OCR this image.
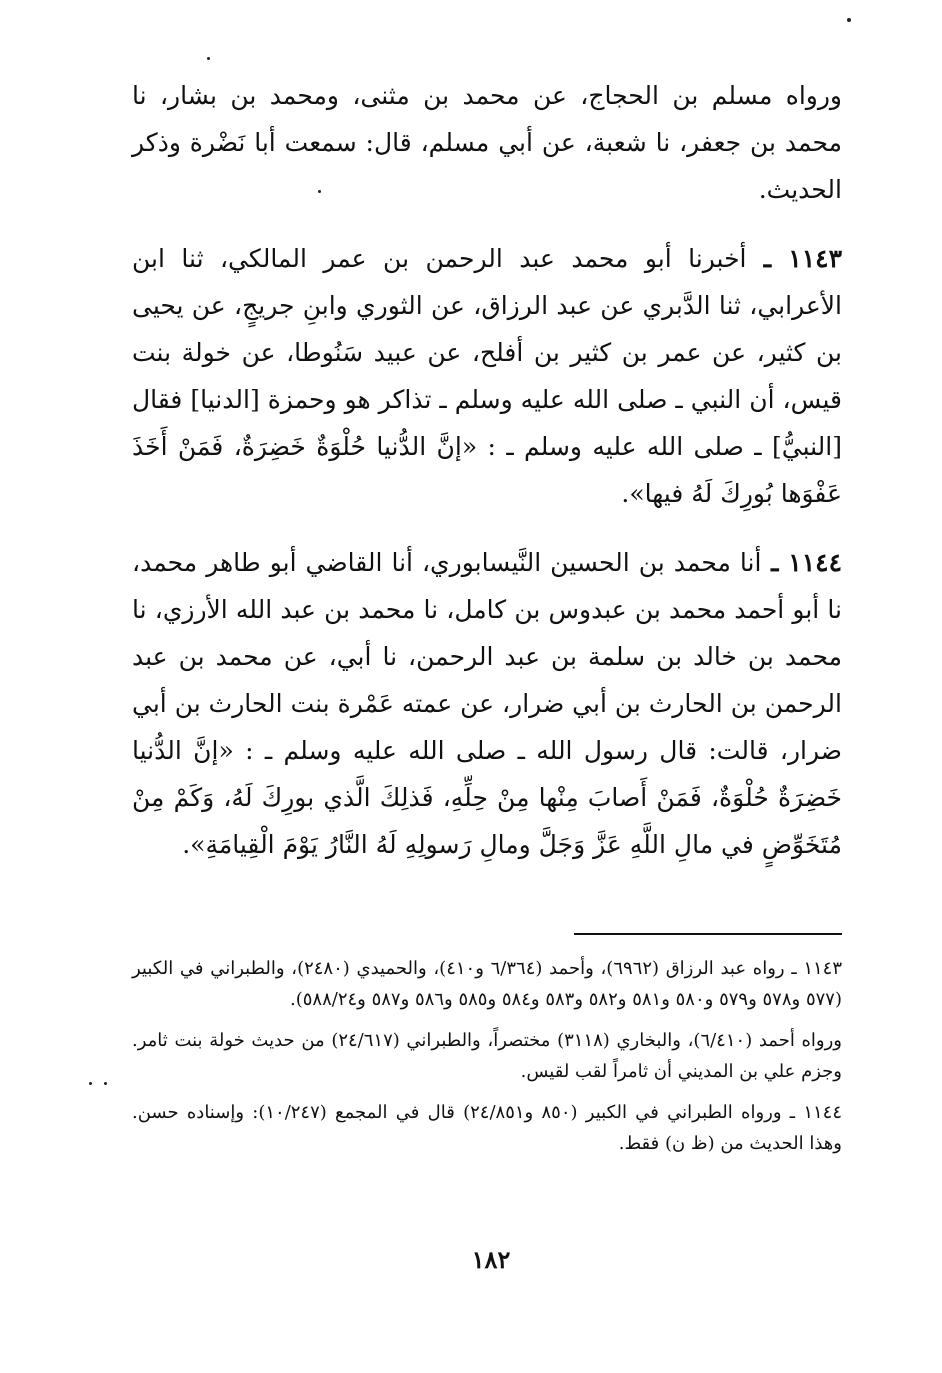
ورواه مسلم بن الحجاج، عن محمد بن مثنى، ومحمد بن بشار، نا محمد بن جعفر، نا شعبة، عن أبي مسلم، قال: سمعت أبا نَضْرة وذكر الحديث.

١١٤٣ ـ أخبرنا أبو محمد عبد الرحمن بن عمر المالكي، ثنا ابن الأعرابي، ثنا الدَّبري عن عبد الرزاق، عن الثوري وابنِ جريجٍ، عن يحيى بن كثير، عن عمر بن كثير بن أفلح، عن عبيد سَنُوطا، عن خولة بنت قيس، أن النبي ـ صلى الله عليه وسلم ـ تذاكر هو وحمزة [الدنيا] فقال [النبيُّ] ـ صلى الله عليه وسلم ـ : «إنَّ الدُّنيا حُلْوَةٌ خَضِرَةٌ، فَمَنْ أَخَذَ عَفْوَها بُورِكَ لَهُ فيها».

١١٤٤ ـ أنا محمد بن الحسين النَّيسابوري، أنا القاضي أبو طاهر محمد، نا أبو أحمد محمد بن عبدوس بن كامل، نا محمد بن عبد الله الأرزي، نا محمد بن خالد بن سلمة بن عبد الرحمن، نا أبي، عن محمد بن عبد الرحمن بن الحارث بن أبي ضرار، عن عمته عَمْرة بنت الحارث بن أبي ضرار، قالت: قال رسول الله ـ صلى الله عليه وسلم ـ : «إنَّ الدُّنيا خَضِرَةٌ حُلْوَةٌ، فَمَنْ أَصابَ مِنْها مِنْ حِلِّهِ، فَذلِكَ الَّذي بورِكَ لَهُ، وَكَمْ مِنْ مُتَخَوِّضٍ في مالِ اللَّهِ عَزَّ وَجَلَّ ومالِ رَسولِهِ لَهُ النَّارُ يَوْمَ الْقِيامَةِ».

١١٤٣ ـ رواه عبد الرزاق (٦٩٦٢)، وأحمد (٦/٣٦٤ و٤١٠)، والحميدي (٢٤٨٠)، والطبراني في الكبير (٥٧٧ و٥٧٨ و٥٧٩ و٥٨٠ و٥٨١ و٥٨٢ و٥٨٣ و٥٨٤ و٥٨٥ و٥٨٦ و٥٨٧ و٥٨٨/٢٤).

ورواه أحمد (٦/٤١٠)، والبخاري (٣١١٨) مختصراً، والطبراني (٢٤/٦١٧) من حديث خولة بنت ثامر. وجزم علي بن المديني أن ثامراً لقب لقيس.

١١٤٤ ـ ورواه الطبراني في الكبير (٨٥٠ و٢٤/٨٥١) قال في المجمع (١٠/٢٤٧): وإسناده حسن. وهذا الحديث من (ظ ن) فقط.

١٨٢
